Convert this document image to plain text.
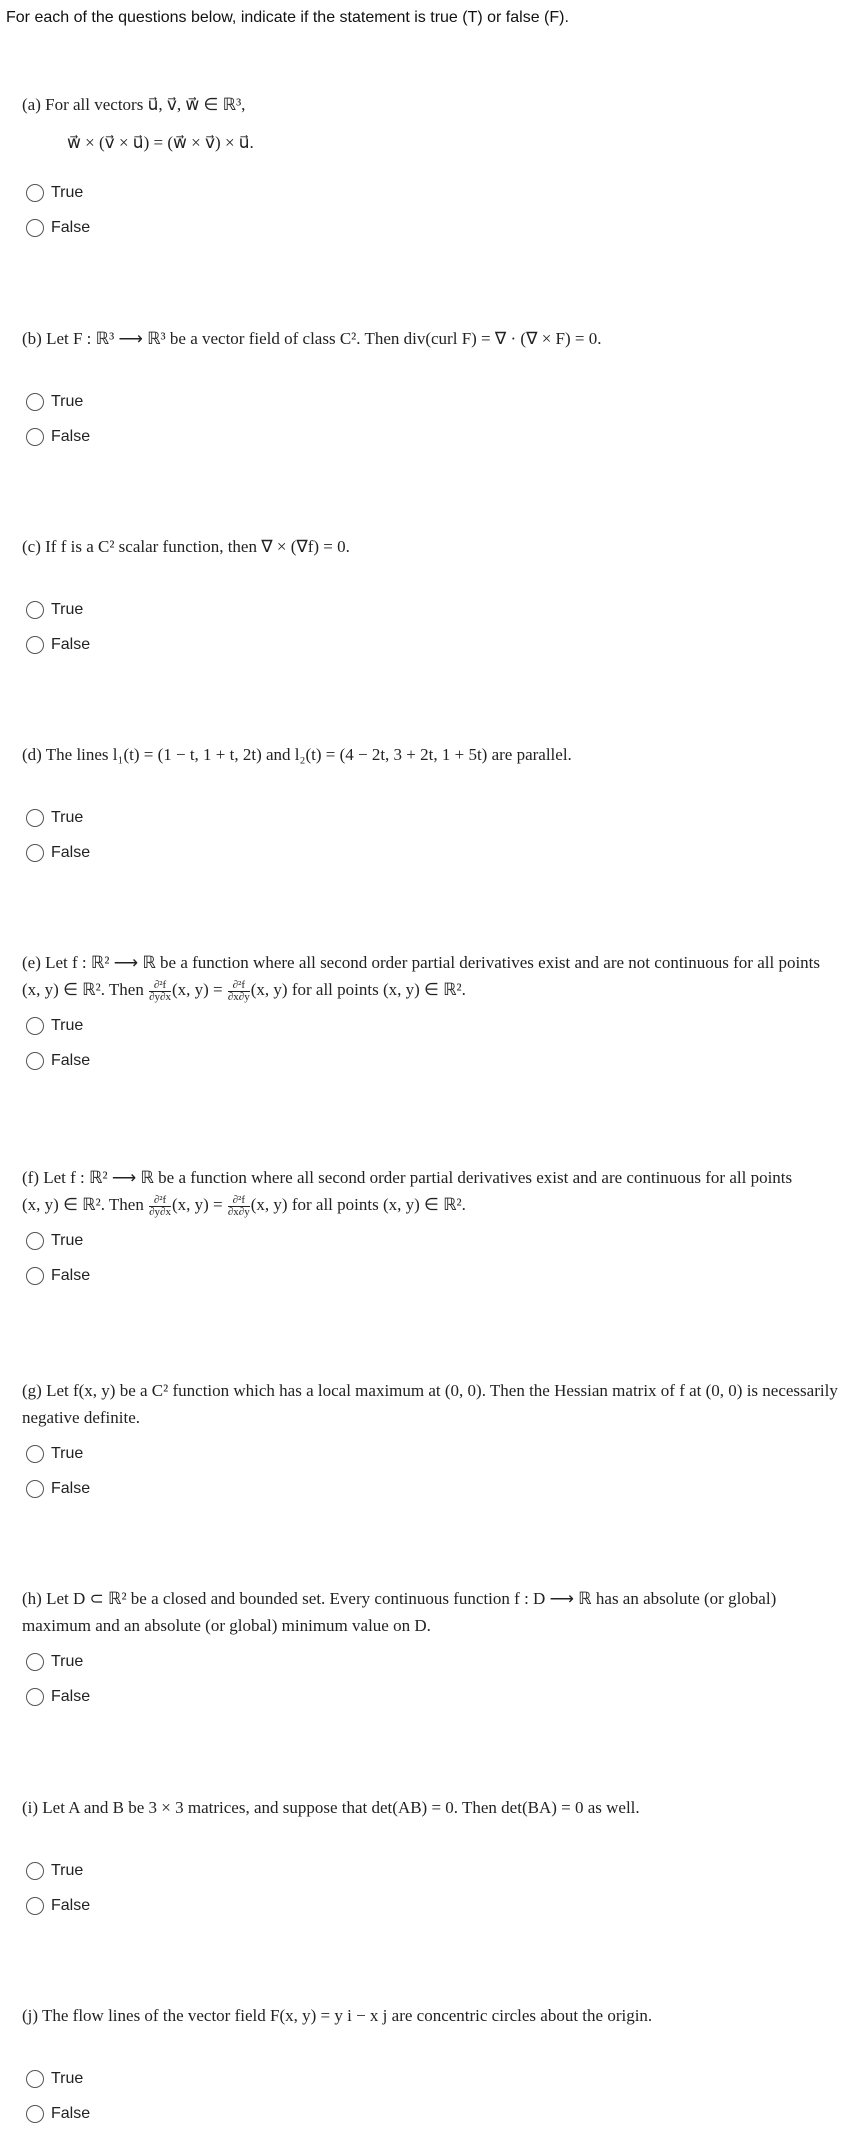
For each of the questions below, indicate if the statement is true (T) or false (F).
(a) For all vectors u⃗, v⃗, w⃗ ∈ ℝ³,
w⃗ × (v⃗ × u⃗) = (w⃗ × v⃗) × u⃗.
True
False
(b) Let F : ℝ³ ⟶ ℝ³ be a vector field of class C². Then div(curl F) = ∇ · (∇ × F) = 0.
True
False
(c) If f is a C² scalar function, then ∇ × (∇f) = 0.
True
False
(d) The lines l₁(t) = (1 − t, 1 + t, 2t) and l₂(t) = (4 − 2t, 3 + 2t, 1 + 5t) are parallel.
True
False
(e) Let f : ℝ² ⟶ ℝ be a function where all second order partial derivatives exist and are not continuous for all points
(x, y) ∈ ℝ². Then $\frac{\text{∂²f}}{\partial y\partial x} (x$, $y) = \frac{\text{∂²f}}{\partial x\partial y} (x$, y) for all points (x, y) ∈ ℝ².
True
False
(f) Let f : ℝ² ⟶ ℝ be a function where all second order partial derivatives exist and are continuous for all points
(x, y) ∈ ℝ². Then $\frac{\text{∂²f}}{\partial y\partial x} (x$, $y) = \frac{\text{∂²f}}{\partial x\partial y} (x$, y) for all points (x, y) ∈ ℝ².
True
False
(g) Let f(x, y) be a C² function which has a local maximum at (0, 0). Then the Hessian matrix of f at (0, 0) is necessarily
negative definite.
True
False
(h) Let D ⊂ ℝ² be a closed and bounded set. Every continuous function f : D ⟶ ℝ has an absolute (or global)
maximum and an absolute (or global) minimum value on D.
True
False
(i) Let A and B be 3 × 3 matrices, and suppose that det(AB) = 0. Then det(BA) = 0 as well.
True
False
(j) The flow lines of the vector field F(x, y) = y i − x j are concentric circles about the origin.
True
False
